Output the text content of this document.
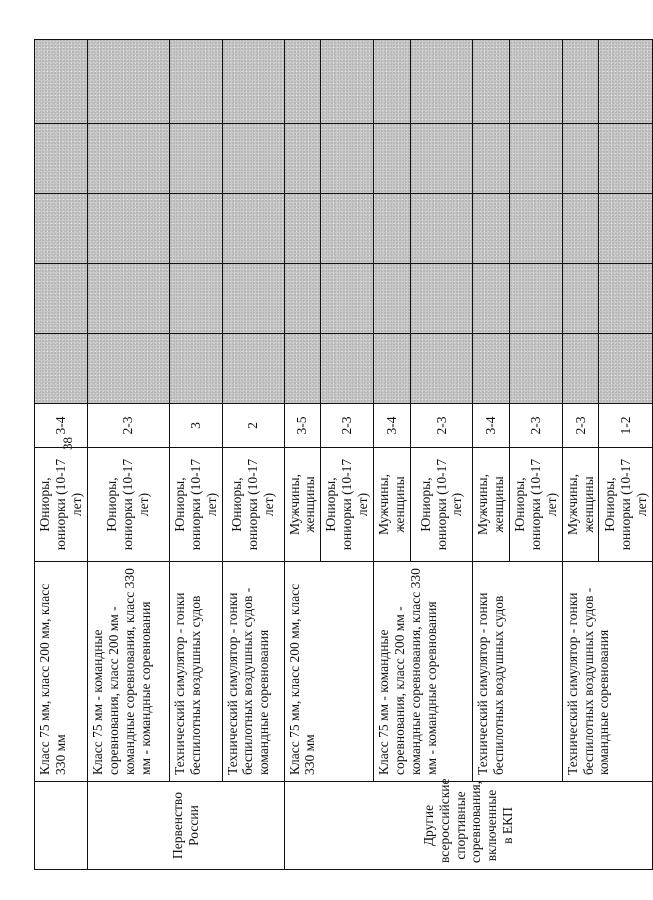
38
	Класс 75 мм, класс 200 мм, класс 330 мм	Юниоры, юниорки (10-17 лет)	3-4					
Первенство России	Класс 75 мм - командные соревнования, класс 200 мм - командные соревнования, класс 330 мм - командные соревнования	Юниоры, юниорки (10-17 лет)	2-3					
	Технический симулятор - гонки беспилотных воздушных судов	Юниоры, юниорки (10-17 лет)	3					
	Технический симулятор - гонки беспилотных воздушных судов - командные соревнования	Юниоры, юниорки (10-17 лет)	2					
Другие всероссийские спортивные соревнования, включенные в ЕКП	Класс 75 мм, класс 200 мм, класс 330 мм	Мужчины, женщины	3-5					
		Юниоры, юниорки (10-17 лет)	2-3					
	Класс 75 мм - командные соревнования, класс 200 мм - командные соревнования, класс 330 мм - командные соревнования	Мужчины, женщины	3-4					
		Юниоры, юниорки (10-17 лет)	2-3					
	Технический симулятор - гонки беспилотных воздушных судов	Мужчины, женщины	3-4					
		Юниоры, юниорки (10-17 лет)	2-3					
	Технический симулятор - гонки беспилотных воздушных судов - командные соревнования	Мужчины, женщины	2-3					
		Юниоры, юниорки (10-17 лет)	1-2					
